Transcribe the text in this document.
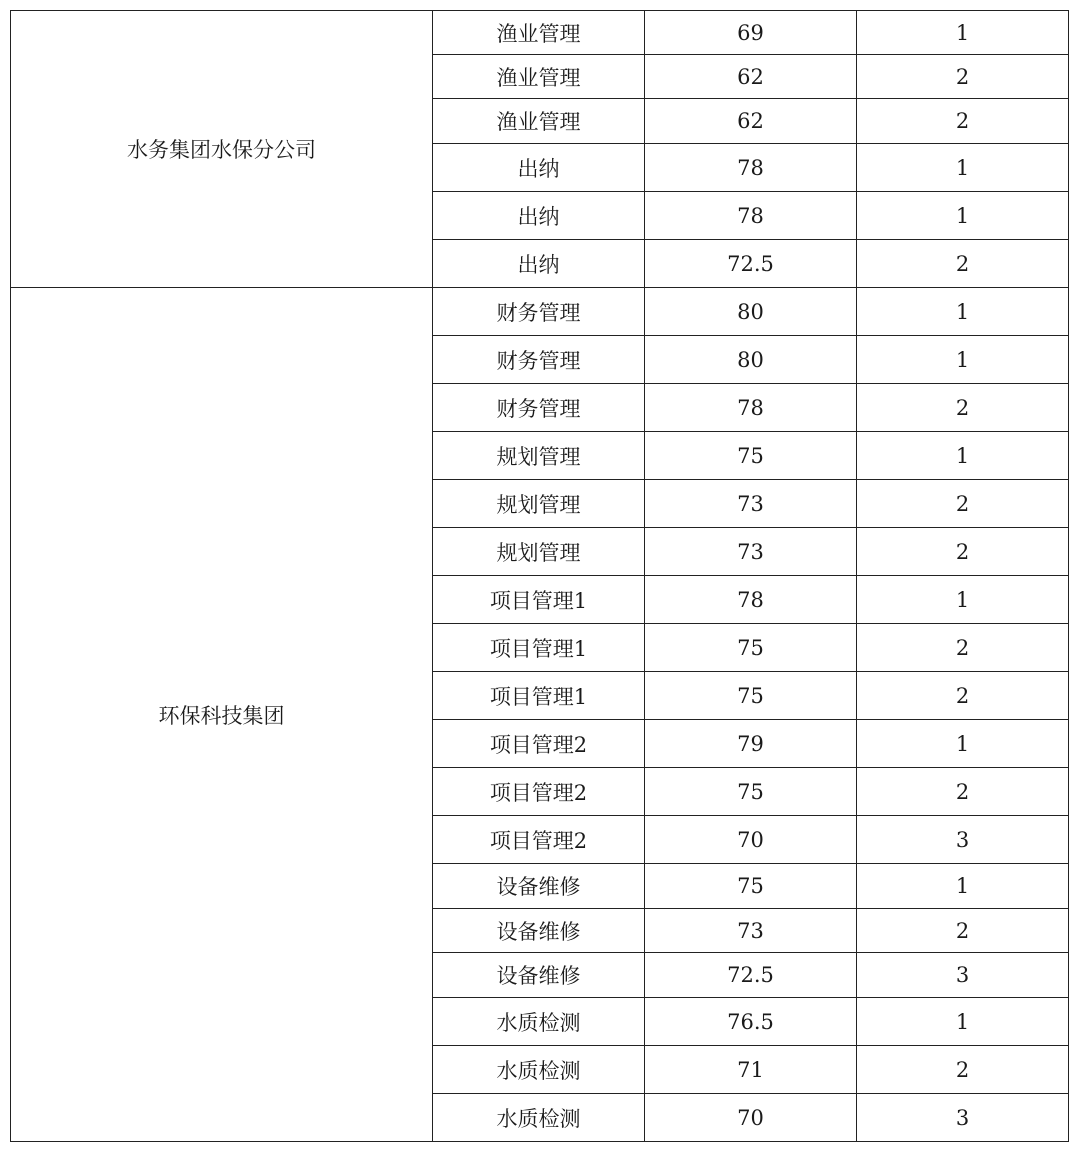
水务集团水保分公司	渔业管理	69	1
	渔业管理	62	2
	渔业管理	62	2
	出纳	78	1
	出纳	78	1
	出纳	72.5	2
环保科技集团	财务管理	80	1
	财务管理	80	1
	财务管理	78	2
	规划管理	75	1
	规划管理	73	2
	规划管理	73	2
	项目管理1	78	1
	项目管理1	75	2
	项目管理1	75	2
	项目管理2	79	1
	项目管理2	75	2
	项目管理2	70	3
	设备维修	75	1
	设备维修	73	2
	设备维修	72.5	3
	水质检测	76.5	1
	水质检测	71	2
	水质检测	70	3
